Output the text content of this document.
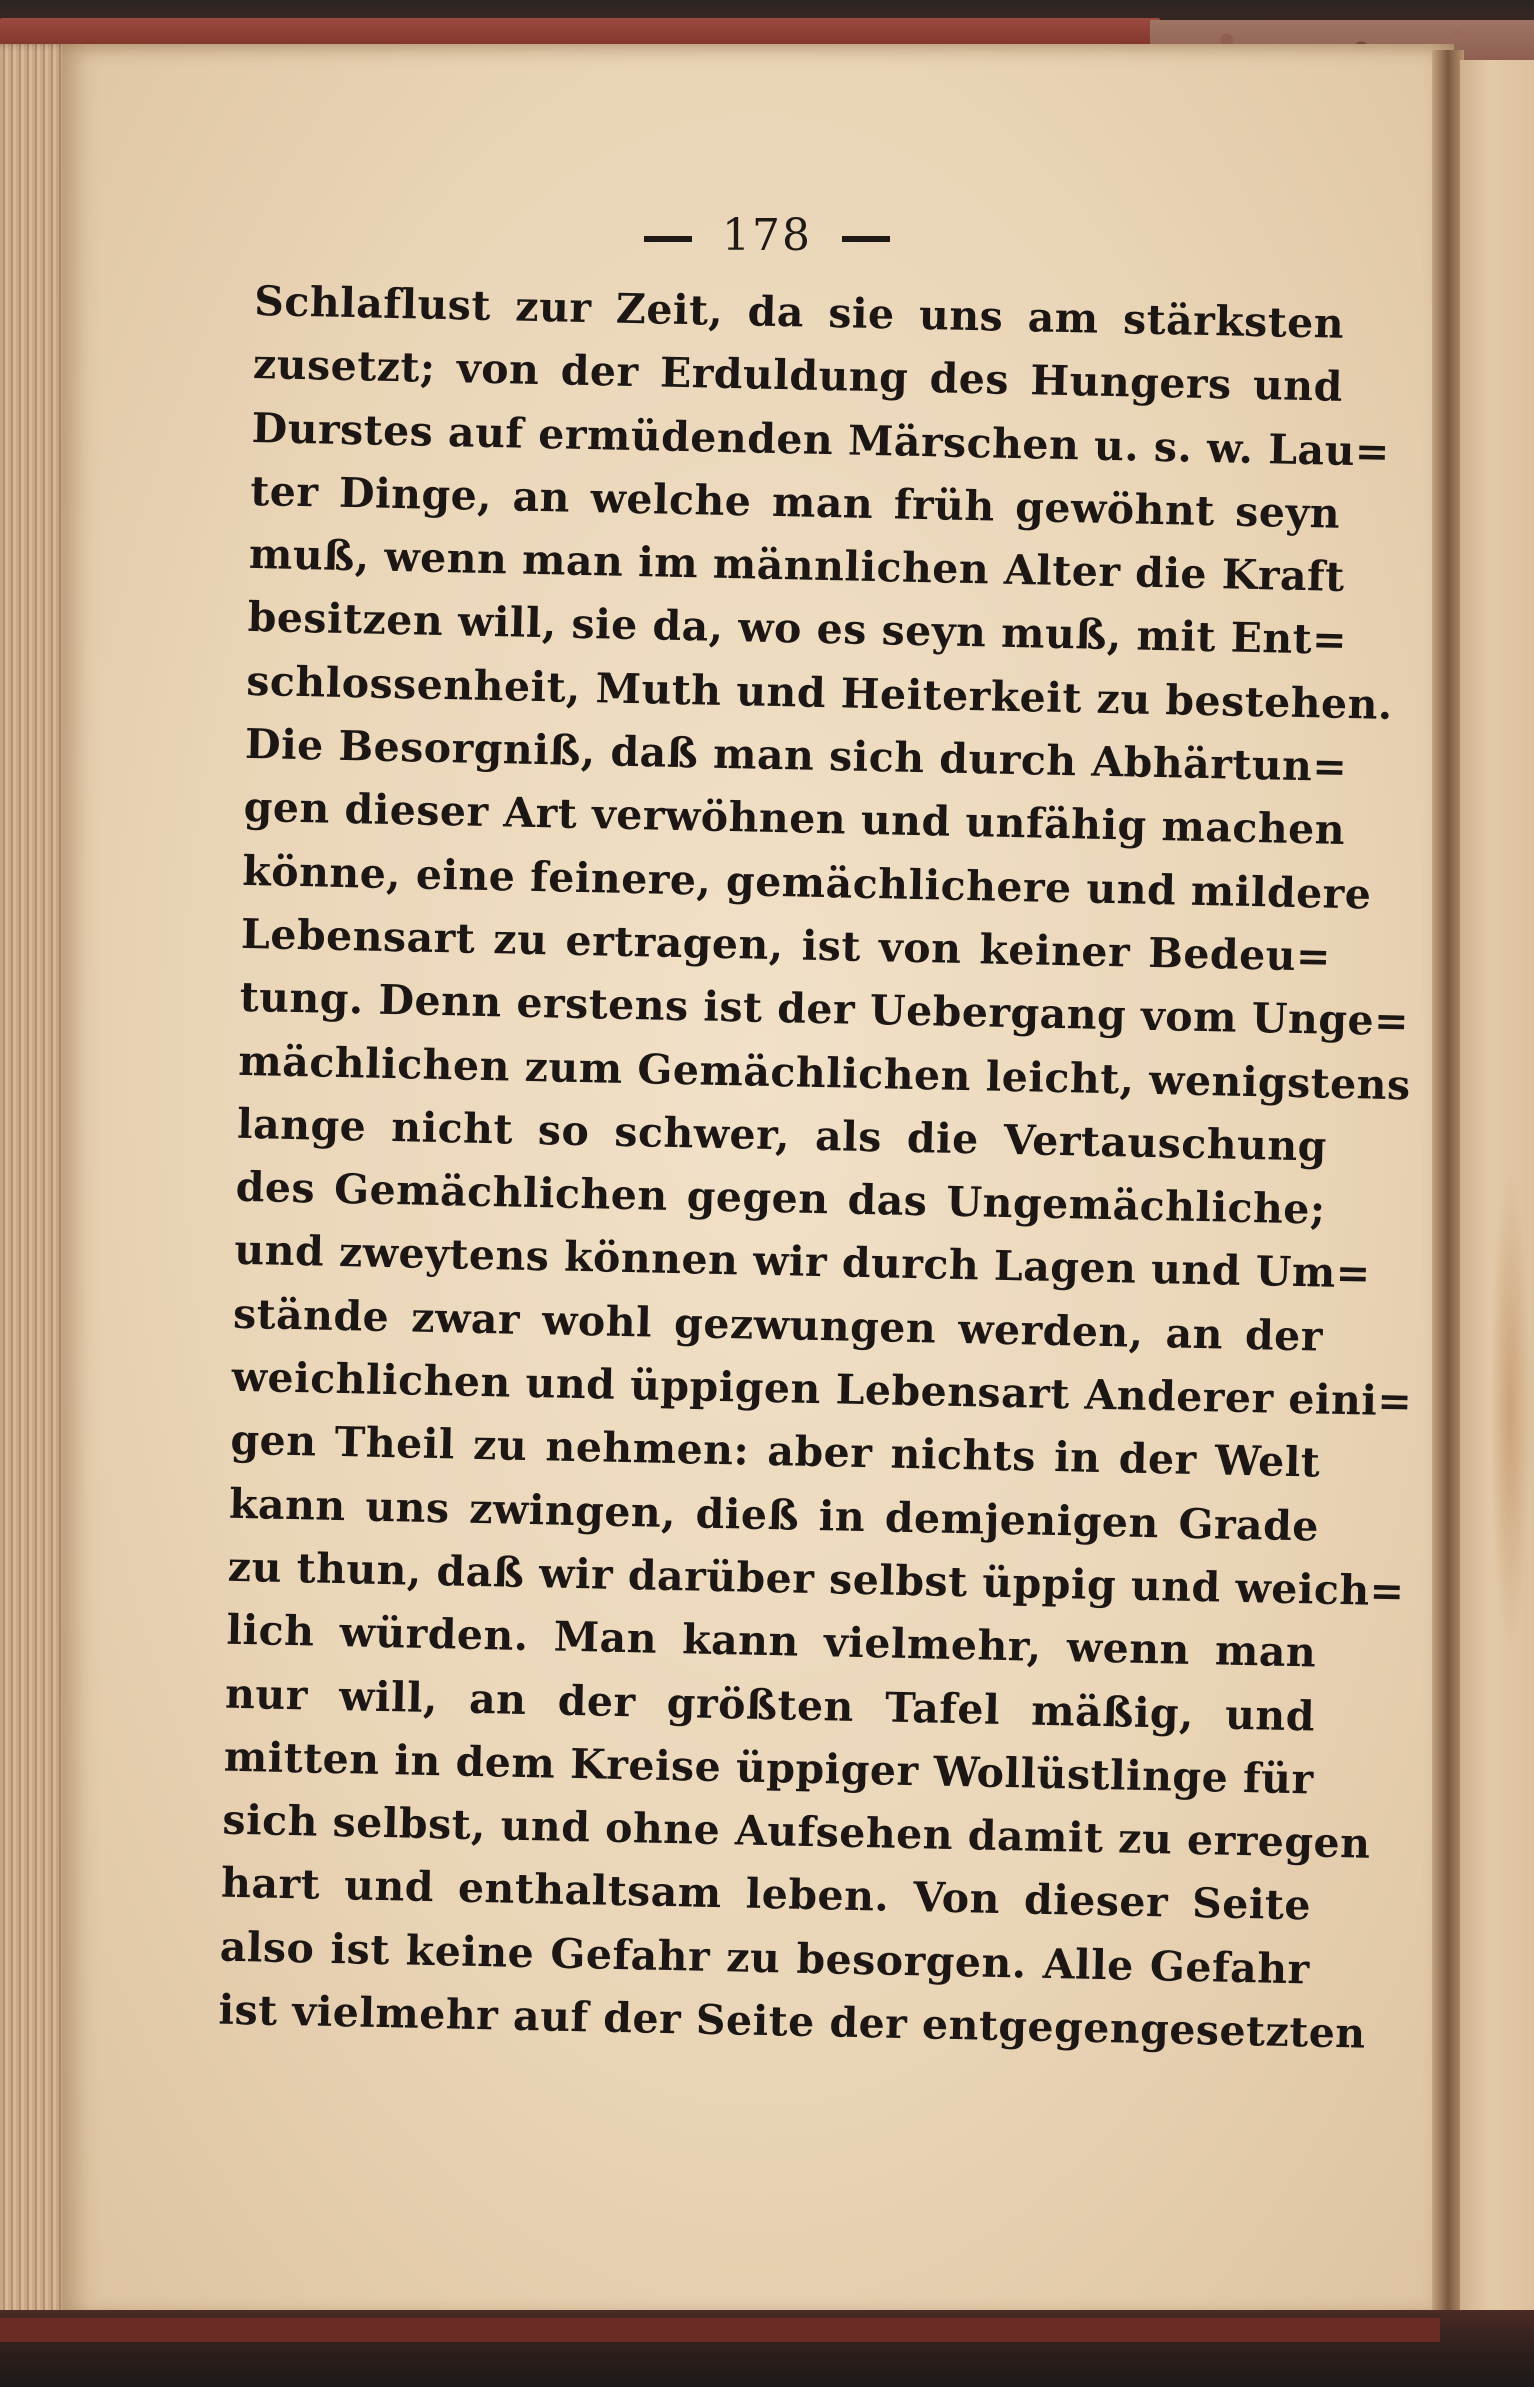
178
Schlaflust zur Zeit, da sie uns am stärksten
zusetzt; von der Erduldung des Hungers und
Durstes auf ermüdenden Märschen u. s. w. Lau=
ter Dinge, an welche man früh gewöhnt seyn
muß, wenn man im männlichen Alter die Kraft
besitzen will, sie da, wo es seyn muß, mit Ent=
schlossenheit, Muth und Heiterkeit zu bestehen.
Die Besorgniß, daß man sich durch Abhärtun=
gen dieser Art verwöhnen und unfähig machen
könne, eine feinere, gemächlichere und mildere
Lebensart zu ertragen, ist von keiner Bedeu=
tung. Denn erstens ist der Uebergang vom Unge=
mächlichen zum Gemächlichen leicht, wenigstens
lange nicht so schwer, als die Vertauschung
des Gemächlichen gegen das Ungemächliche;
und zweytens können wir durch Lagen und Um=
stände zwar wohl gezwungen werden, an der
weichlichen und üppigen Lebensart Anderer eini=
gen Theil zu nehmen: aber nichts in der Welt
kann uns zwingen, dieß in demjenigen Grade
zu thun, daß wir darüber selbst üppig und weich=
lich würden. Man kann vielmehr, wenn man
nur will, an der größten Tafel mäßig, und
mitten in dem Kreise üppiger Wollüstlinge für
sich selbst, und ohne Aufsehen damit zu erregen
hart und enthaltsam leben. Von dieser Seite
also ist keine Gefahr zu besorgen. Alle Gefahr
ist vielmehr auf der Seite der entgegengesetzten
